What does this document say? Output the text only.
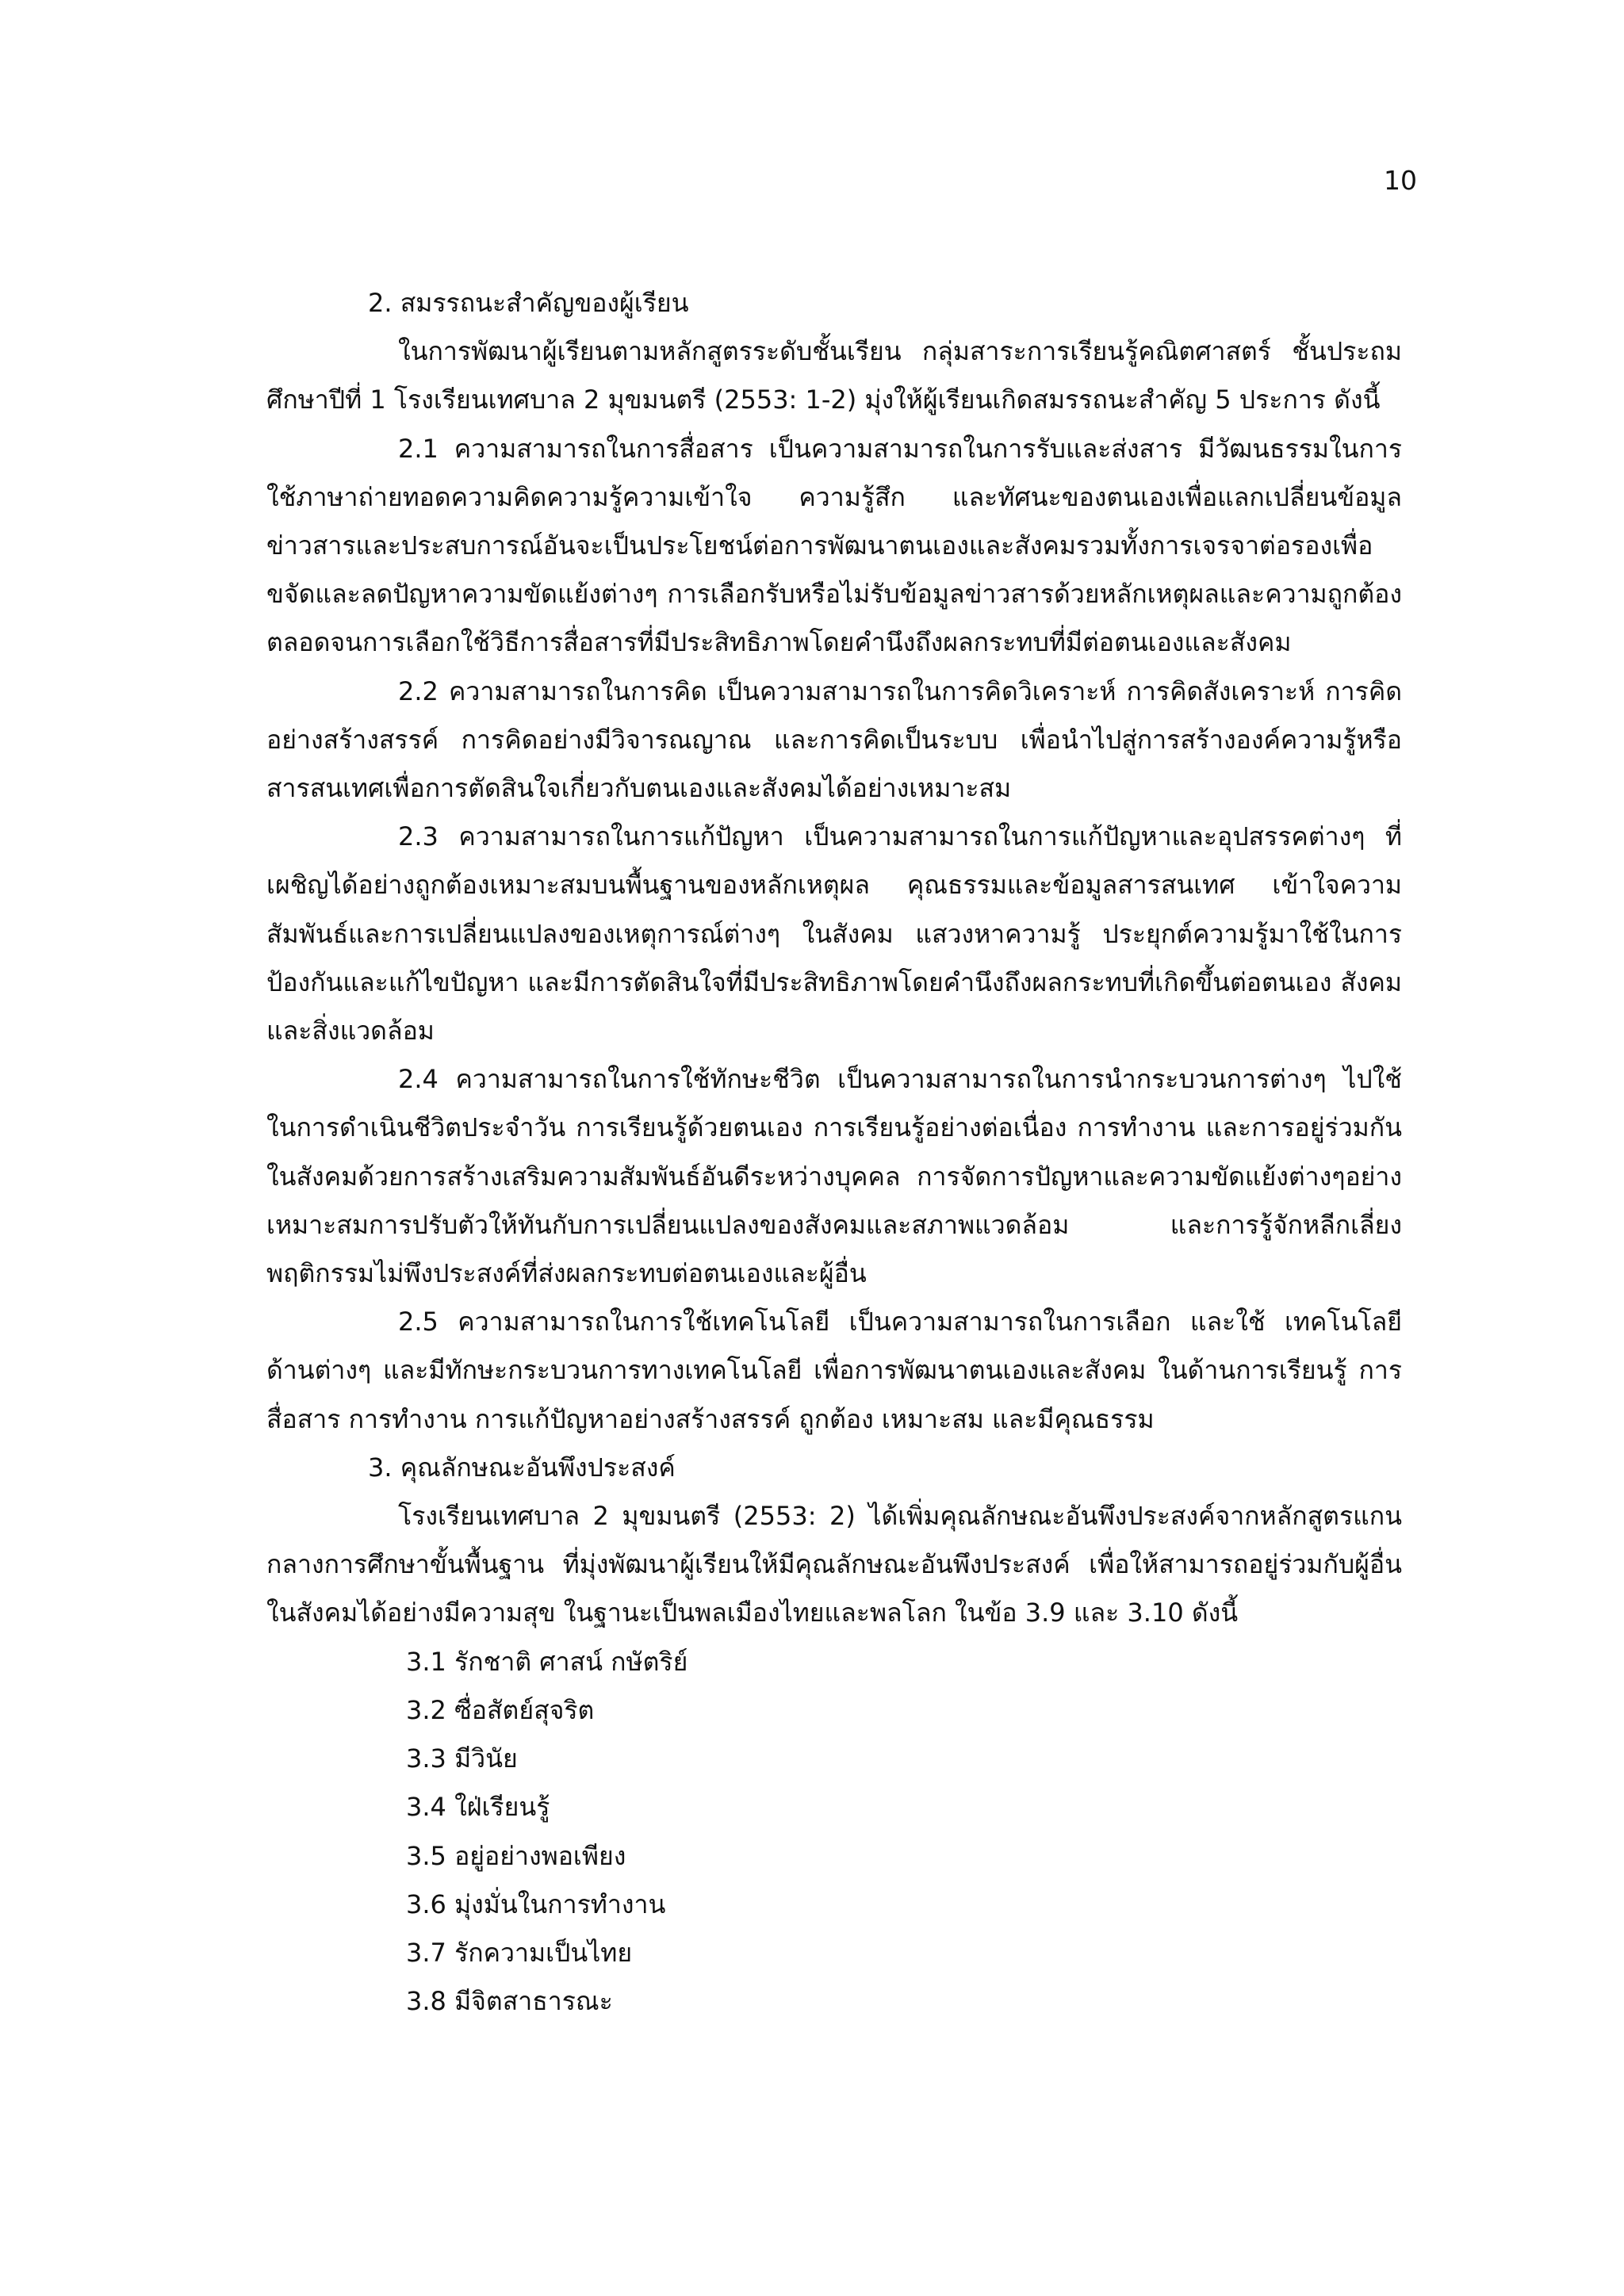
10

2. สมรรถนะสำคัญของผู้เรียน

ในการพัฒนาผู้เรียนตามหลักสูตรระดับชั้นเรียน กลุ่มสาระการเรียนรู้คณิตศาสตร์ ชั้นประถมศึกษาปีที่ 1 โรงเรียนเทศบาล 2 มุขมนตรี (2553: 1-2) มุ่งให้ผู้เรียนเกิดสมรรถนะสำคัญ 5 ประการ ดังนี้

2.1 ความสามารถในการสื่อสาร เป็นความสามารถในการรับและส่งสาร มีวัฒนธรรมในการใช้ภาษาถ่ายทอดความคิดความรู้ความเข้าใจ ความรู้สึก และทัศนะของตนเองเพื่อแลกเปลี่ยนข้อมูลข่าวสารและประสบการณ์อันจะเป็นประโยชน์ต่อการพัฒนาตนเองและสังคมรวมทั้งการเจรจาต่อรองเพื่อขจัดและลดปัญหาความขัดแย้งต่างๆ การเลือกรับหรือไม่รับข้อมูลข่าวสารด้วยหลักเหตุผลและความถูกต้องตลอดจนการเลือกใช้วิธีการสื่อสารที่มีประสิทธิภาพโดยคำนึงถึงผลกระทบที่มีต่อตนเองและสังคม

2.2 ความสามารถในการคิด เป็นความสามารถในการคิดวิเคราะห์ การคิดสังเคราะห์ การคิดอย่างสร้างสรรค์ การคิดอย่างมีวิจารณญาณ และการคิดเป็นระบบ เพื่อนำไปสู่การสร้างองค์ความรู้หรือสารสนเทศเพื่อการตัดสินใจเกี่ยวกับตนเองและสังคมได้อย่างเหมาะสม

2.3 ความสามารถในการแก้ปัญหา เป็นความสามารถในการแก้ปัญหาและอุปสรรคต่างๆ ที่เผชิญได้อย่างถูกต้องเหมาะสมบนพื้นฐานของหลักเหตุผล คุณธรรมและข้อมูลสารสนเทศ เข้าใจความสัมพันธ์และการเปลี่ยนแปลงของเหตุการณ์ต่างๆ ในสังคม แสวงหาความรู้ ประยุกต์ความรู้มาใช้ในการป้องกันและแก้ไขปัญหา และมีการตัดสินใจที่มีประสิทธิภาพโดยคำนึงถึงผลกระทบที่เกิดขึ้นต่อตนเอง สังคมและสิ่งแวดล้อม

2.4 ความสามารถในการใช้ทักษะชีวิต เป็นความสามารถในการนำกระบวนการต่างๆ ไปใช้ในการดำเนินชีวิตประจำวัน การเรียนรู้ด้วยตนเอง การเรียนรู้อย่างต่อเนื่อง การทำงาน และการอยู่ร่วมกันในสังคมด้วยการสร้างเสริมความสัมพันธ์อันดีระหว่างบุคคล การจัดการปัญหาและความขัดแย้งต่างๆอย่างเหมาะสมการปรับตัวให้ทันกับการเปลี่ยนแปลงของสังคมและสภาพแวดล้อม และการรู้จักหลีกเลี่ยงพฤติกรรมไม่พึงประสงค์ที่ส่งผลกระทบต่อตนเองและผู้อื่น

2.5 ความสามารถในการใช้เทคโนโลยี เป็นความสามารถในการเลือก และใช้ เทคโนโลยีด้านต่างๆ และมีทักษะกระบวนการทางเทคโนโลยี เพื่อการพัฒนาตนเองและสังคม ในด้านการเรียนรู้ การสื่อสาร การทำงาน การแก้ปัญหาอย่างสร้างสรรค์ ถูกต้อง เหมาะสม และมีคุณธรรม

3. คุณลักษณะอันพึงประสงค์

โรงเรียนเทศบาล 2 มุขมนตรี (2553: 2) ได้เพิ่มคุณลักษณะอันพึงประสงค์จากหลักสูตรแกนกลางการศึกษาขั้นพื้นฐาน ที่มุ่งพัฒนาผู้เรียนให้มีคุณลักษณะอันพึงประสงค์ เพื่อให้สามารถอยู่ร่วมกับผู้อื่นในสังคมได้อย่างมีความสุข ในฐานะเป็นพลเมืองไทยและพลโลก ในข้อ 3.9 และ 3.10 ดังนี้

3.1 รักชาติ ศาสน์ กษัตริย์
3.2 ซื่อสัตย์สุจริต
3.3 มีวินัย
3.4 ใฝ่เรียนรู้
3.5 อยู่อย่างพอเพียง
3.6 มุ่งมั่นในการทำงาน
3.7 รักความเป็นไทย
3.8 มีจิตสาธารณะ
